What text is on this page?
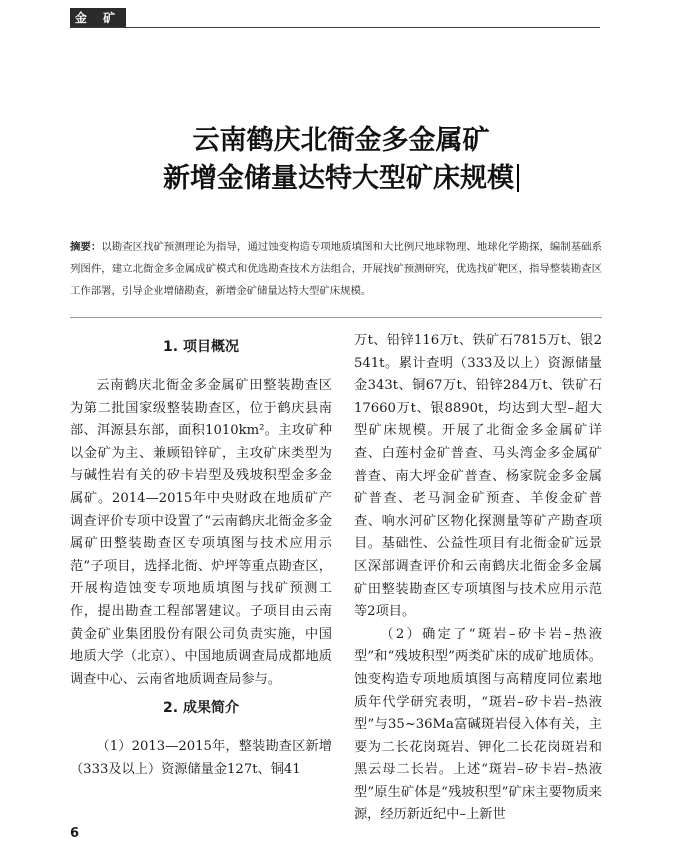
金 矿
云南鹤庆北衙金多金属矿
新增金储量达特大型矿床规模
摘要：以勘查区找矿预测理论为指导，通过蚀变构造专项地质填图和大比例尺地球物理、地球化学勘探，编制基础系列图件，建立北衙金多金属成矿模式和优选勘查技术方法组合，开展找矿预测研究，优选找矿靶区，指导整装勘查区工作部署，引导企业增储勘查，新增金矿储量达特大型矿床规模。
1. 项目概况

云南鹤庆北衙金多金属矿田整装勘查区为第二批国家级整装勘查区，位于鹤庆县南部、洱源县东部，面积1010km²。主攻矿种以金矿为主、兼顾铅锌矿，主攻矿床类型为与碱性岩有关的矽卡岩型及残坡积型金多金属矿。2014—2015年中央财政在地质矿产调查评价专项中设置了“云南鹤庆北衙金多金属矿田整装勘查区专项填图与技术应用示范”子项目，选择北衙、炉坪等重点勘查区，开展构造蚀变专项地质填图与找矿预测工作，提出勘查工程部署建议。子项目由云南黄金矿业集团股份有限公司负责实施，中国地质大学（北京）、中国地质调查局成都地质调查中心、云南省地质调查局参与。

2. 成果简介

（1）2013—2015年，整装勘查区新增（333及以上）资源储量金127t、铜41

万t、铅锌116万t、铁矿石7815万t、银2541t。累计查明（333及以上）资源储量金343t、铜67万t、铅锌284万t、铁矿石17660万t、银8890t，均达到大型–超大型矿床规模。开展了北衙金多金属矿详查、白莲村金矿普查、马头湾金多金属矿普查、南大坪金矿普查、杨家院金多金属矿普查、老马洞金矿预查、羊俊金矿普查、响水河矿区物化探测量等矿产勘查项目。基础性、公益性项目有北衙金矿远景区深部调查评价和云南鹤庆北衙金多金属矿田整装勘查区专项填图与技术应用示范等2项目。

（2）确定了“斑岩–矽卡岩–热液型”和“残坡积型”两类矿床的成矿地质体。蚀变构造专项地质填图与高精度同位素地质年代学研究表明，“斑岩–矽卡岩–热液型”与35~36Ma富碱斑岩侵入体有关，主要为二长花岗斑岩、钾化二长花岗斑岩和黑云母二长岩。上述“斑岩–矽卡岩–热液型”原生矿体是“残坡积型”矿床主要物质来源，经历新近纪中–上新世

6
